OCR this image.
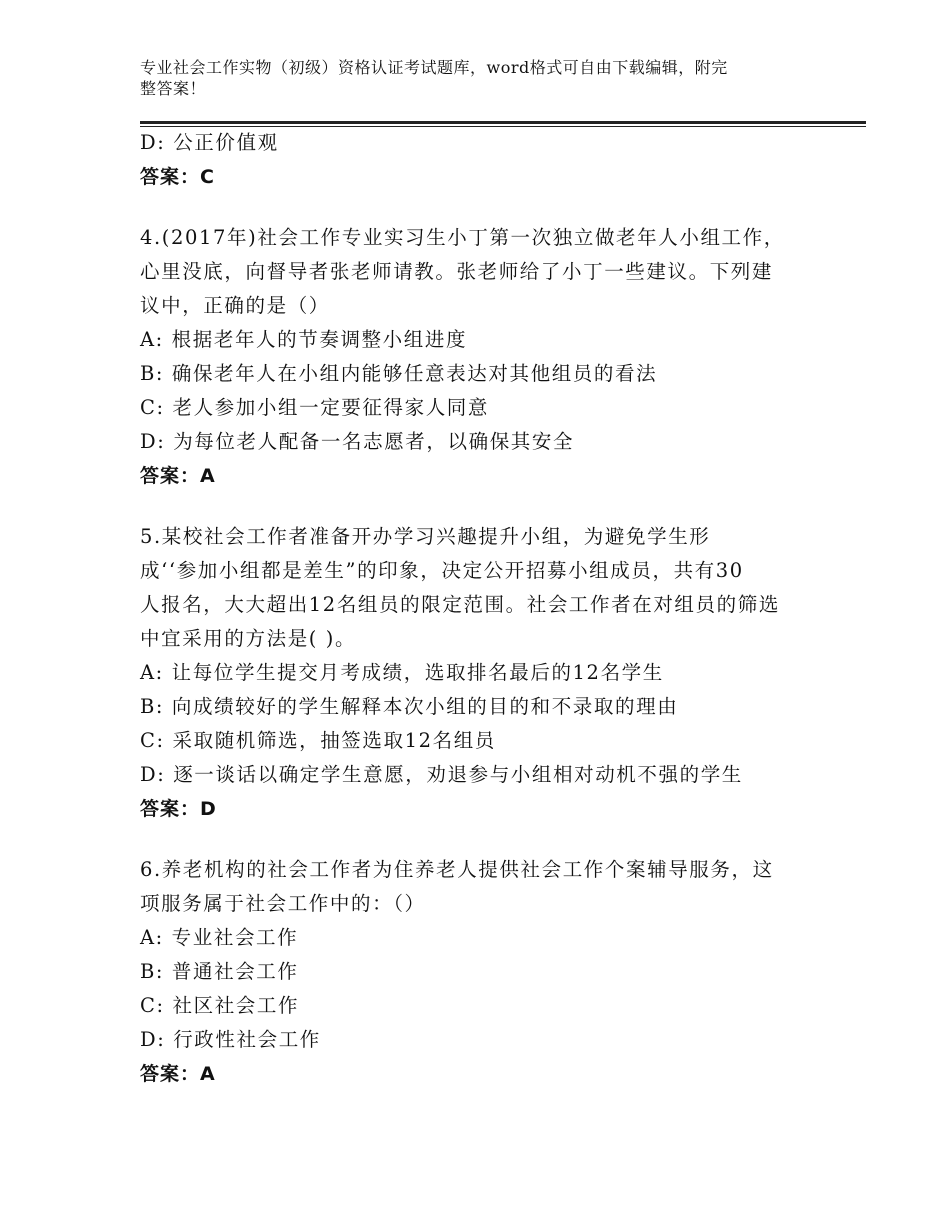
专业社会工作实物（初级）资格认证考试题库，word格式可自由下载编辑，附完
整答案！
D: 公正价值观
答案：C
4.(2017年)社会工作专业实习生小丁第一次独立做老年人小组工作，
心里没底，向督导者张老师请教。张老师给了小丁一些建议。下列建
议中，正确的是（）
A: 根据老年人的节奏调整小组进度
B: 确保老年人在小组内能够任意表达对其他组员的看法
C: 老人参加小组一定要征得家人同意
D: 为每位老人配备一名志愿者，以确保其安全
答案：A
5.某校社会工作者准备开办学习兴趣提升小组，为避免学生形
成‘‘参加小组都是差生”的印象，决定公开招募小组成员，共有30
人报名，大大超出12名组员的限定范围。社会工作者在对组员的筛选
中宜采用的方法是( )。
A: 让每位学生提交月考成绩，选取排名最后的12名学生
B: 向成绩较好的学生解释本次小组的目的和不录取的理由
C: 采取随机筛选，抽签选取12名组员
D: 逐一谈话以确定学生意愿，劝退参与小组相对动机不强的学生
答案：D
6.养老机构的社会工作者为住养老人提供社会工作个案辅导服务，这
项服务属于社会工作中的：（）
A: 专业社会工作
B: 普通社会工作
C: 社区社会工作
D: 行政性社会工作
答案：A
